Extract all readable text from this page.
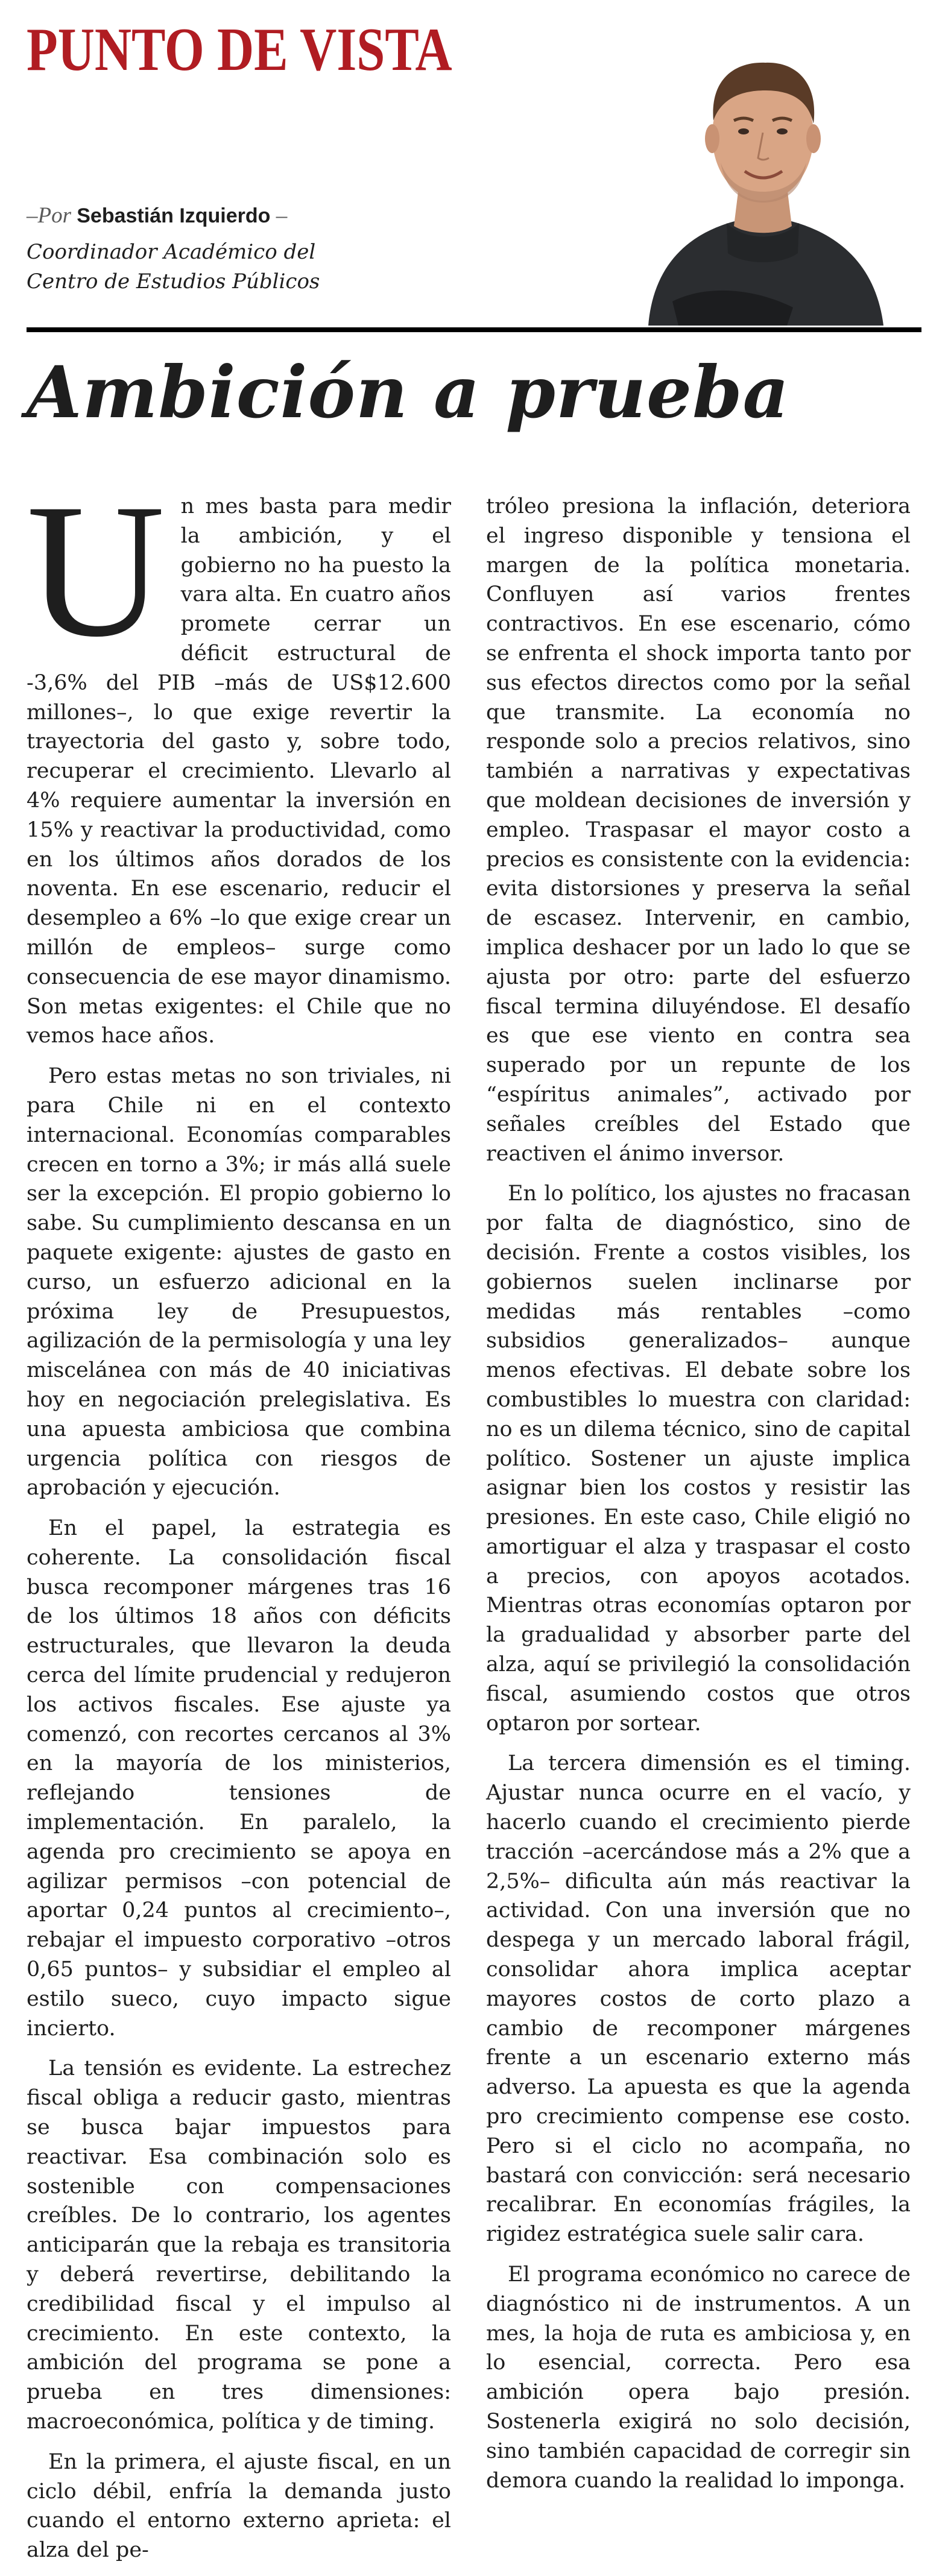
PUNTO DE VISTA
–Por Sebastián Izquierdo –
Coordinador Académico del
Centro de Estudios Públicos
Ambición a prueba

Un mes basta para medir la ambición, y el gobierno no ha puesto la vara alta. En cuatro años promete cerrar un déficit estructural de -3,6% del PIB –más de US$12.600 millones–, lo que exige revertir la trayectoria del gasto y, sobre todo, recuperar el crecimiento. Llevarlo al 4% requiere aumentar la inversión en 15% y reactivar la productividad, como en los últimos años dorados de los noventa. En ese escenario, reducir el desempleo a 6% –lo que exige crear un millón de empleos– surge como consecuencia de ese mayor dinamismo. Son metas exigentes: el Chile que no vemos hace años.

Pero estas metas no son triviales, ni para Chile ni en el contexto internacional. Economías comparables crecen en torno a 3%; ir más allá suele ser la excepción. El propio gobierno lo sabe. Su cumplimiento descansa en un paquete exigente: ajustes de gasto en curso, un esfuerzo adicional en la próxima ley de Presupuestos, agilización de la permisología y una ley miscelánea con más de 40 iniciativas hoy en negociación prelegislativa. Es una apuesta ambiciosa que combina urgencia política con riesgos de aprobación y ejecución.

En el papel, la estrategia es coherente. La consolidación fiscal busca recomponer márgenes tras 16 de los últimos 18 años con déficits estructurales, que llevaron la deuda cerca del límite prudencial y redujeron los activos fiscales. Ese ajuste ya comenzó, con recortes cercanos al 3% en la mayoría de los ministerios, reflejando tensiones de implementación. En paralelo, la agenda pro crecimiento se apoya en agilizar permisos –con potencial de aportar 0,24 puntos al crecimiento–, rebajar el impuesto corporativo –otros 0,65 puntos– y subsidiar el empleo al estilo sueco, cuyo impacto sigue incierto.

La tensión es evidente. La estrechez fiscal obliga a reducir gasto, mientras se busca bajar impuestos para reactivar. Esa combinación solo es sostenible con compensaciones creíbles. De lo contrario, los agentes anticiparán que la rebaja es transitoria y deberá revertirse, debilitando la credibilidad fiscal y el impulso al crecimiento. En este contexto, la ambición del programa se pone a prueba en tres dimensiones: macroeconómica, política y de timing.

En la primera, el ajuste fiscal, en un ciclo débil, enfría la demanda justo cuando el entorno externo aprieta: el alza del pe-

tróleo presiona la inflación, deteriora el ingreso disponible y tensiona el margen de la política monetaria. Confluyen así varios frentes contractivos. En ese escenario, cómo se enfrenta el shock importa tanto por sus efectos directos como por la señal que transmite. La economía no responde solo a precios relativos, sino también a narrativas y expectativas que moldean decisiones de inversión y empleo. Traspasar el mayor costo a precios es consistente con la evidencia: evita distorsiones y preserva la señal de escasez. Intervenir, en cambio, implica deshacer por un lado lo que se ajusta por otro: parte del esfuerzo fiscal termina diluyéndose. El desafío es que ese viento en contra sea superado por un repunte de los “espíritus animales”, activado por señales creíbles del Estado que reactiven el ánimo inversor.

En lo político, los ajustes no fracasan por falta de diagnóstico, sino de decisión. Frente a costos visibles, los gobiernos suelen inclinarse por medidas más rentables –como subsidios generalizados– aunque menos efectivas. El debate sobre los combustibles lo muestra con claridad: no es un dilema técnico, sino de capital político. Sostener un ajuste implica asignar bien los costos y resistir las presiones. En este caso, Chile eligió no amortiguar el alza y traspasar el costo a precios, con apoyos acotados. Mientras otras economías optaron por la gradualidad y absorber parte del alza, aquí se privilegió la consolidación fiscal, asumiendo costos que otros optaron por sortear.

La tercera dimensión es el timing. Ajustar nunca ocurre en el vacío, y hacerlo cuando el crecimiento pierde tracción –acercándose más a 2% que a 2,5%– dificulta aún más reactivar la actividad. Con una inversión que no despega y un mercado laboral frágil, consolidar ahora implica aceptar mayores costos de corto plazo a cambio de recomponer márgenes frente a un escenario externo más adverso. La apuesta es que la agenda pro crecimiento compense ese costo. Pero si el ciclo no acompaña, no bastará con convicción: será necesario recalibrar. En economías frágiles, la rigidez estratégica suele salir cara.

El programa económico no carece de diagnóstico ni de instrumentos. A un mes, la hoja de ruta es ambiciosa y, en lo esencial, correcta. Pero esa ambición opera bajo presión. Sostenerla exigirá no solo decisión, sino también capacidad de corregir sin demora cuando la realidad lo imponga.
